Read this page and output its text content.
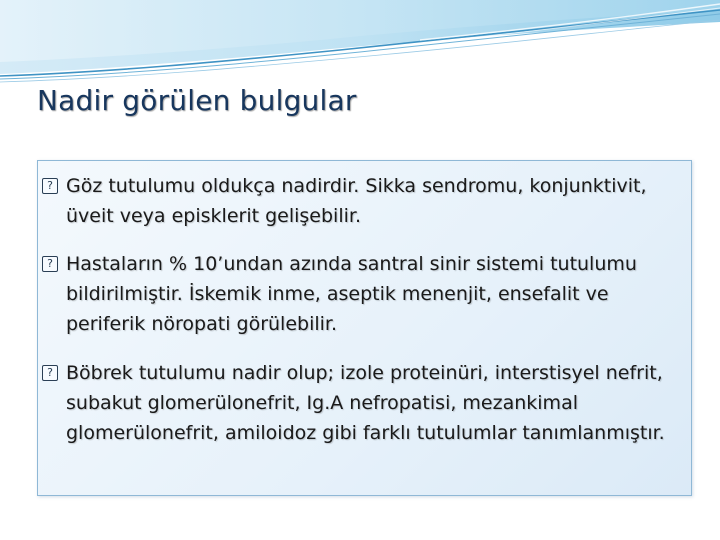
Nadir görülen bulgular
?Göz tutulumu oldukça nadirdir. Sikka sendromu, konjunktivit, üveit veya episklerit gelişebilir.
?Hastaların % 10’undan azında santral sinir sistemi tutulumu bildirilmiştir. İskemik inme, aseptik menenjit, ensefalit ve periferik nöropati görülebilir.
?Böbrek tutulumu nadir olup; izole proteinüri, interstisyel nefrit, subakut glomerülonefrit, Ig.A nefropatisi, mezankimal glomerülonefrit, amiloidoz gibi farklı tutulumlar tanımlanmıştır.
